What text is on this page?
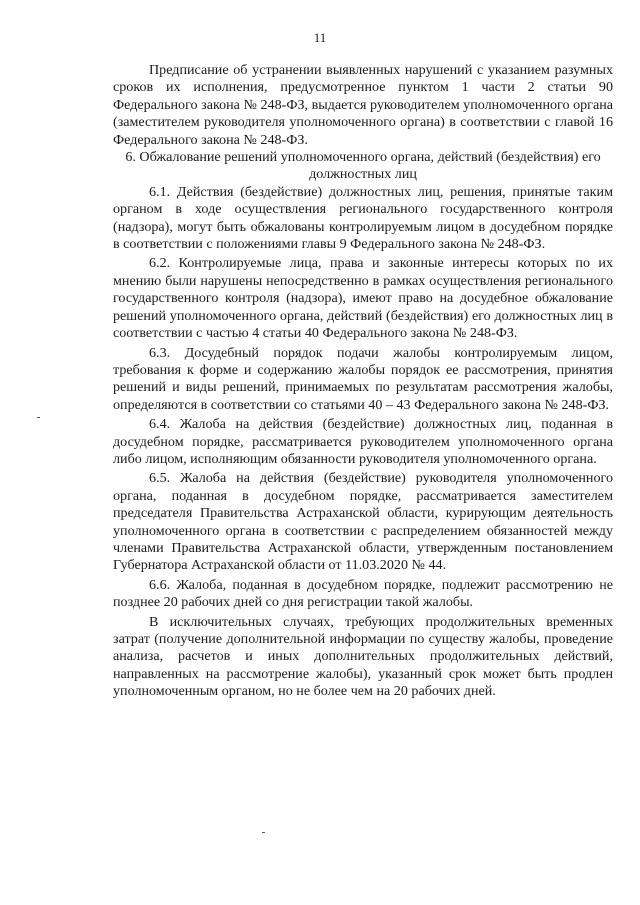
11

Предписание об устранении выявленных нарушений с указанием разумных сроков их исполнения, предусмотренное пунктом 1 части 2 статьи 90 Федерального закона № 248-ФЗ, выдается руководителем уполномоченного органа (заместителем руководителя уполномоченного органа) в соответствии с главой 16 Федерального закона № 248-ФЗ.

6. Обжалование решений уполномоченного органа, действий (бездействия) его должностных лиц

6.1. Действия (бездействие) должностных лиц, решения, принятые таким органом в ходе осуществления регионального государственного контроля (надзора), могут быть обжалованы контролируемым лицом в досудебном порядке в соответствии с положениями главы 9 Федерального закона № 248-ФЗ.

6.2. Контролируемые лица, права и законные интересы которых по их мнению были нарушены непосредственно в рамках осуществления регионального государственного контроля (надзора), имеют право на досудебное обжалование решений уполномоченного органа, действий (бездействия) его должностных лиц в соответствии с частью 4 статьи 40 Федерального закона № 248-ФЗ.

6.3. Досудебный порядок подачи жалобы контролируемым лицом, требования к форме и содержанию жалобы порядок ее рассмотрения, принятия решений и виды решений, принимаемых по результатам рассмотрения жалобы, определяются в соответствии со статьями 40 – 43 Федерального закона № 248-ФЗ.

6.4. Жалоба на действия (бездействие) должностных лиц, поданная в досудебном порядке, рассматривается руководителем уполномоченного органа либо лицом, исполняющим обязанности руководителя уполномоченного органа.

6.5. Жалоба на действия (бездействие) руководителя уполномоченного органа, поданная в досудебном порядке, рассматривается заместителем председателя Правительства Астраханской области, курирующим деятельность уполномоченного органа в соответствии с распределением обязанностей между членами Правительства Астраханской области, утвержденным постановлением Губернатора Астраханской области от 11.03.2020 № 44.

6.6. Жалоба, поданная в досудебном порядке, подлежит рассмотрению не позднее 20 рабочих дней со дня регистрации такой жалобы.

В исключительных случаях, требующих продолжительных временных затрат (получение дополнительной информации по существу жалобы, проведение анализа, расчетов и иных дополнительных продолжительных действий, направленных на рассмотрение жалобы), указанный срок может быть продлен уполномоченным органом, но не более чем на 20 рабочих дней.
